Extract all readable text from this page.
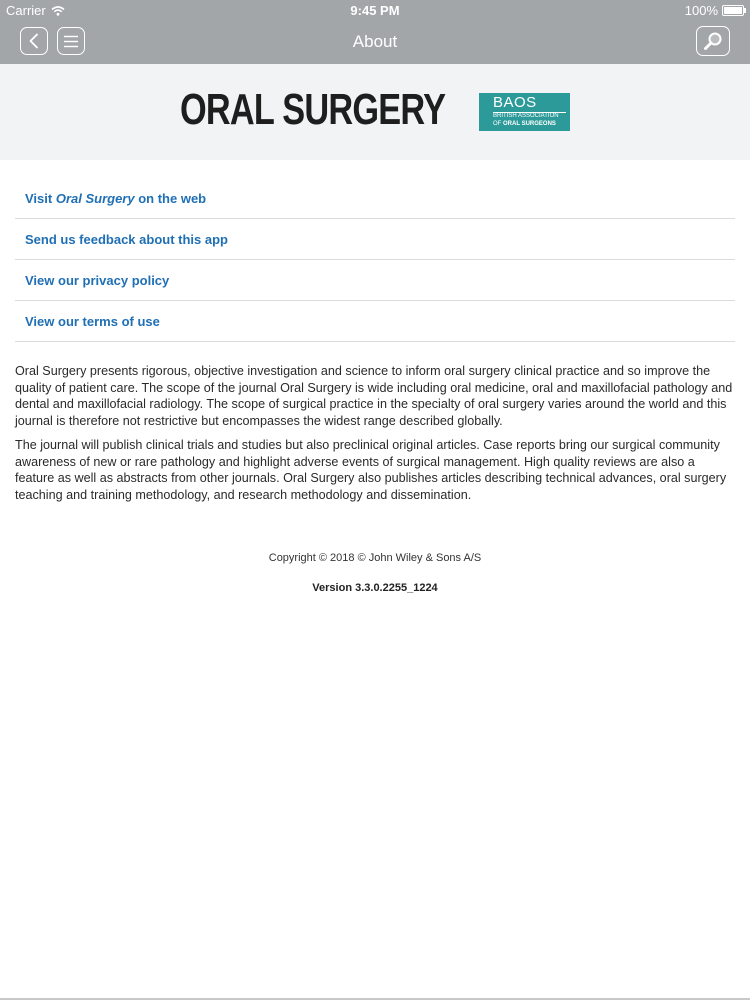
Carrier	9:45 PM	100%
About
ORAL SURGERY	BAOS
BRITISH ASSOCIATION
OF ORAL SURGEONS
Visit Oral Surgery on the web
Send us feedback about this app
View our privacy policy
View our terms of use

Oral Surgery presents rigorous, objective investigation and science to inform oral surgery clinical practice and so improve the quality of patient care. The scope of the journal Oral Surgery is wide including oral medicine, oral and maxillofacial pathology and dental and maxillofacial radiology. The scope of surgical practice in the specialty of oral surgery varies around the world and this journal is therefore not restrictive but encompasses the widest range described globally.

The journal will publish clinical trials and studies but also preclinical original articles. Case reports bring our surgical community awareness of new or rare pathology and highlight adverse events of surgical management. High quality reviews are also a feature as well as abstracts from other journals. Oral Surgery also publishes articles describing technical advances, oral surgery teaching and training methodology, and research methodology and dissemination.

Copyright © 2018 © John Wiley & Sons A/S
Version 3.3.0.2255_1224
